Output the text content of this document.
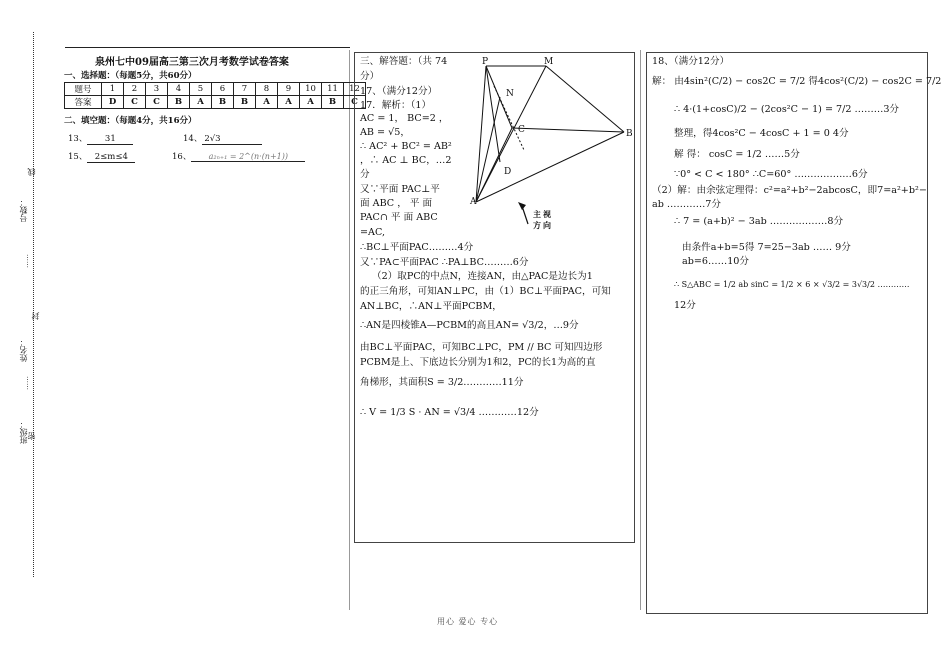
号数：
线
……
封
姓名：
……
班级： 密
泉州七中09届高三第三次月考数学试卷答案
一、选择题：（每题5分，共60分）
题号	1	2	3	4	5	6	7	8	9	10	11	12
答案	D	C	C	B	A	B	B	A	A	A	B	C
二、填空题：（每题4分，共16分）
13、 31	14、 2√3
15、 2≤m≤4	16、 a₂ₙ₊₁ = 2^(n·(n+1))
三、解答题：（共 74
分）
17、（满分12分）
17．解析：（1）
AC = 1， BC=2 ，
AB = √5，
∴ AC² + BC² = AB²
，∴ AC ⊥ BC，…2
分
又∵平面 PAC⊥平
面 ABC ， 平 面
PAC∩ 平 面 ABC
=AC,
∴BC⊥平面PAC………4分
又∵PA⊂平面PAC ∴PA⊥BC………6分
（2）取PC的中点N，连接AN，由△PAC是边长为1
的正三角形，可知AN⊥PC，由（1）BC⊥平面PAC，可知
AN⊥BC，∴AN⊥平面PCBM，
∴AN是四棱锥A—PCBM的高且AN= √3/2，…9分
由BC⊥平面PAC，可知BC⊥PC，PM // BC 可知四边形
PCBM是上、下底边长分别为1和2，PC的长1为高的直
角梯形，其面积S = 3/2…………11分
∴ V = 1/3 S · AN = √3/4 …………12分
P	M
N
C	B
D
A
主视方向
18、（满分12分）
解： 由4sin²(C/2) − cos2C = 7/2 得4cos²(C/2) − cos2C = 7/2
∴ 4·(1+cosC)/2 − (2cos²C − 1) = 7/2 ………3分
整理，得4cos²C − 4cosC + 1 = 0 4分
解 得： cosC = 1/2 ……5分
∵0° < C < 180° ∴C=60° ………………6分
（2）解：由余弦定理得：c²=a²+b²−2abcosC，即7=a²+b²−
ab …………7分
∴ 7 = (a+b)² − 3ab ………………8分
由条件a+b=5得 7=25−3ab …… 9分
ab=6……10分
∴ S△ABC = 1/2 ab sinC = 1/2 × 6 × √3/2 = 3√3/2 …………
12分
用心 爱心 专心
